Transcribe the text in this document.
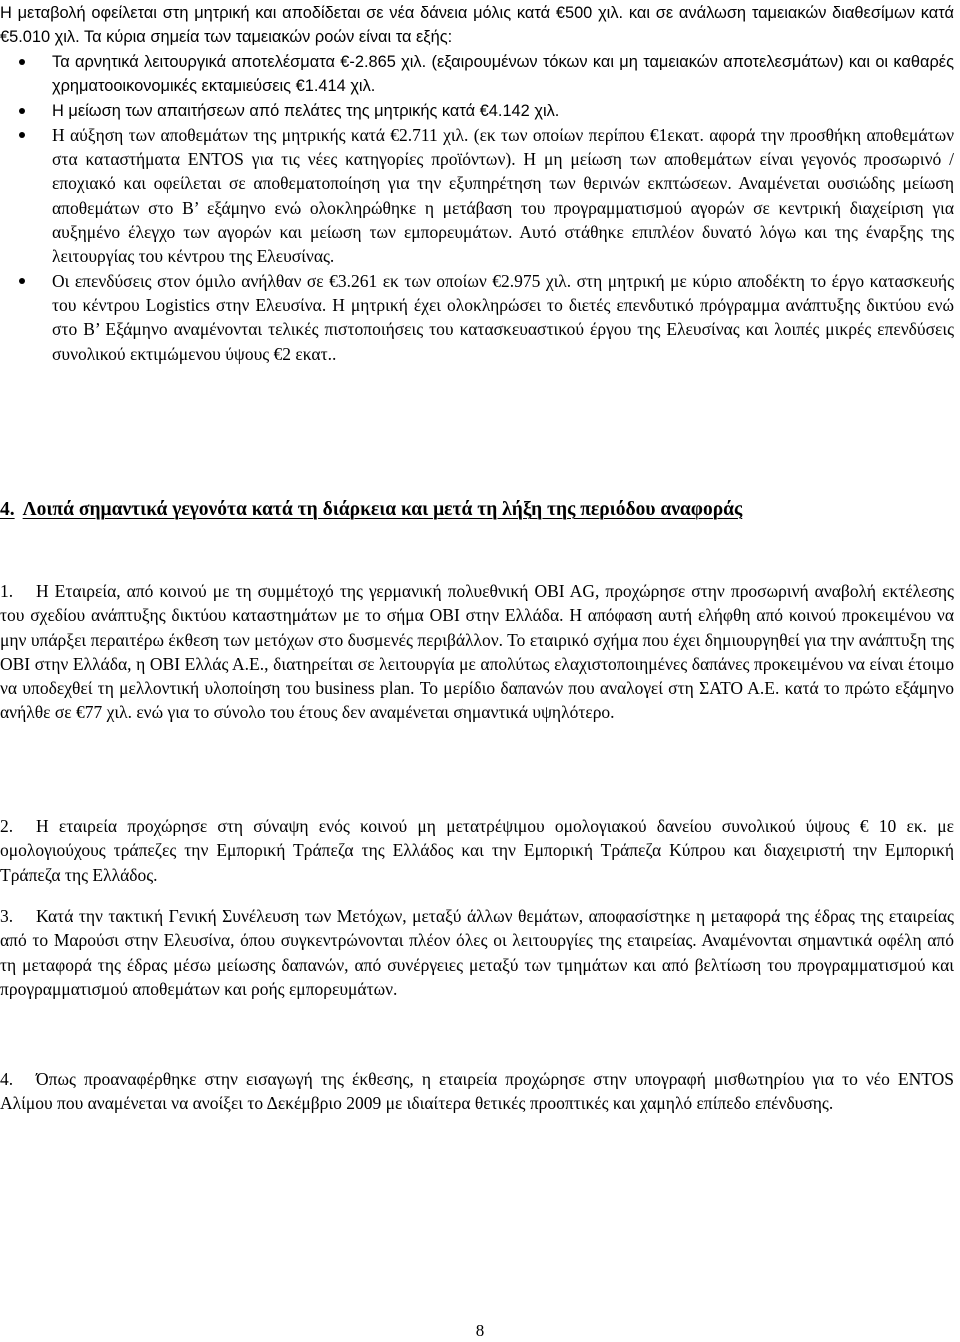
Η μεταβολή οφείλεται στη μητρική και αποδίδεται σε νέα δάνεια μόλις κατά €500 χιλ. και σε ανάλωση ταμειακών διαθεσίμων κατά €5.010 χιλ. Τα κύρια σημεία των ταμειακών ροών είναι τα εξής:

Τα αρνητικά λειτουργικά αποτελέσματα €-2.865 χιλ. (εξαιρουμένων τόκων και μη ταμειακών αποτελεσμάτων) και οι καθαρές χρηματοοικονομικές εκταμιεύσεις €1.414 χιλ.
Η μείωση των απαιτήσεων από πελάτες της μητρικής κατά €4.142 χιλ.
Η αύξηση των αποθεμάτων της μητρικής κατά €2.711 χιλ. (εκ των οποίων περίπου €1εκατ. αφορά την προσθήκη αποθεμάτων στα καταστήματα ENTOS για τις νέες κατηγορίες προϊόντων). Η μη μείωση των αποθεμάτων είναι γεγονός προσωρινό / εποχιακό και οφείλεται σε αποθεματοποίηση για την εξυπηρέτηση των θερινών εκπτώσεων. Αναμένεται ουσιώδης μείωση αποθεμάτων στο Β’ εξάμηνο ενώ ολοκληρώθηκε η μετάβαση του προγραμματισμού αγορών σε κεντρική διαχείριση για αυξημένο έλεγχο των αγορών και μείωση των εμπορευμάτων. Αυτό στάθηκε επιπλέον δυνατό λόγω και της έναρξης της λειτουργίας του κέντρου της Ελευσίνας.
Οι επενδύσεις στον όμιλο ανήλθαν σε €3.261 εκ των οποίων €2.975 χιλ. στη μητρική με κύριο αποδέκτη το έργο κατασκευής του κέντρου Logistics στην Ελευσίνα. Η μητρική έχει ολοκληρώσει το διετές επενδυτικό πρόγραμμα ανάπτυξης δικτύου ενώ στο Β’ Εξάμηνο αναμένονται τελικές πιστοποιήσεις του κατασκευαστικού έργου της Ελευσίνας και λοιπές μικρές επενδύσεις συνολικού εκτιμώμενου ύψους €2 εκατ..
4. Λοιπά σημαντικά γεγονότα κατά τη διάρκεια και μετά τη λήξη της περιόδου αναφοράς

1. Η Εταιρεία, από κοινού με τη συμμέτοχό της γερμανική πολυεθνική OBI AG, προχώρησε στην προσωρινή αναβολή εκτέλεσης του σχεδίου ανάπτυξης δικτύου καταστημάτων με το σήμα OBI στην Ελλάδα. Η απόφαση αυτή ελήφθη από κοινού προκειμένου να μην υπάρξει περαιτέρω έκθεση των μετόχων στο δυσμενές περιβάλλον. Το εταιρικό σχήμα που έχει δημιουργηθεί για την ανάπτυξη της OBI στην Ελλάδα, η OBI Ελλάς Α.Ε., διατηρείται σε λειτουργία με απολύτως ελαχιστοποιημένες δαπάνες προκειμένου να είναι έτοιμο να υποδεχθεί τη μελλοντική υλοποίηση του business plan. Το μερίδιο δαπανών που αναλογεί στη ΣΑΤΟ Α.Ε. κατά το πρώτο εξάμηνο ανήλθε σε €77 χιλ. ενώ για το σύνολο του έτους δεν αναμένεται σημαντικά υψηλότερο.

2. Η εταιρεία προχώρησε στη σύναψη ενός κοινού μη μετατρέψιμου ομολογιακού δανείου συνολικού ύψους € 10 εκ. με ομολογιούχους τράπεζες την Εμπορική Τράπεζα της Ελλάδος και την Εμπορική Τράπεζα Κύπρου και διαχειριστή την Εμπορική Τράπεζα της Ελλάδος.

3. Κατά την τακτική Γενική Συνέλευση των Μετόχων, μεταξύ άλλων θεμάτων, αποφασίστηκε η μεταφορά της έδρας της εταιρείας από το Μαρούσι στην Ελευσίνα, όπου συγκεντρώνονται πλέον όλες οι λειτουργίες της εταιρείας. Αναμένονται σημαντικά οφέλη από τη μεταφορά της έδρας μέσω μείωσης δαπανών, από συνέργειες μεταξύ των τμημάτων και από βελτίωση του προγραμματισμού και προγραμματισμού αποθεμάτων και ροής εμπορευμάτων.

4. Όπως προαναφέρθηκε στην εισαγωγή της έκθεσης, η εταιρεία προχώρησε στην υπογραφή μισθωτηρίου για το νέο ENTOS Αλίμου που αναμένεται να ανοίξει το Δεκέμβριο 2009 με ιδιαίτερα θετικές προοπτικές και χαμηλό επίπεδο επένδυσης.

8
